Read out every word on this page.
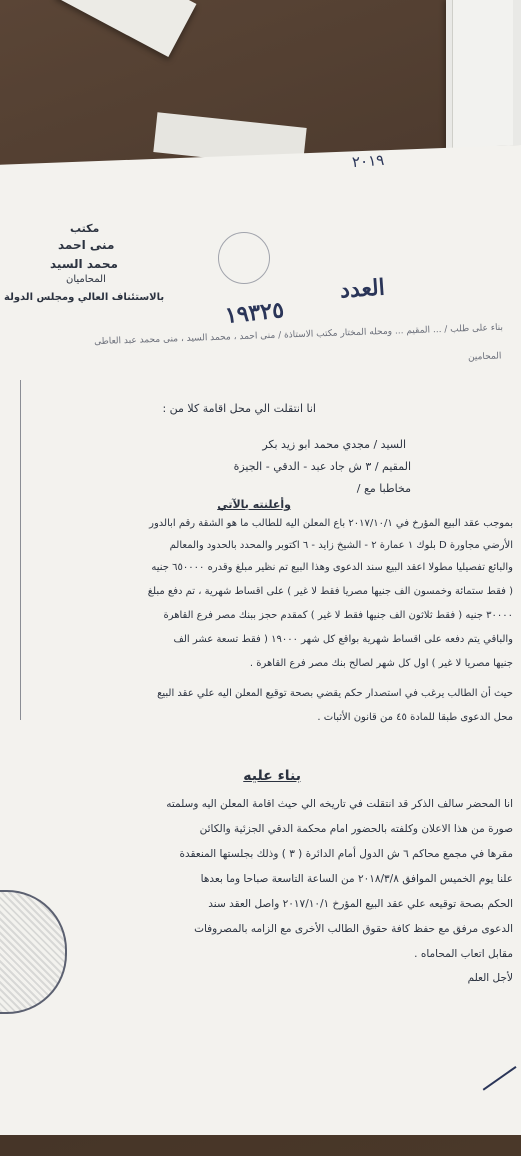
٢٠١٩
١٩٣٢٥
العدد
مكتب
منى احمد
محمد السيد
المحاميان
بالاستئناف العالي ومجلس الدولة
بناء على طلب / ... المقيم ... ومحله المختار مكتب الاستاذة / منى احمد ، محمد السيد ، منى محمد عبد العاطى
المحامين
انا انتقلت الي محل اقامة كلا من :
السيد / مجدي محمد ابو زيد بكر
المقيم / ٣ ش جاد عبد - الدقي - الجيزة
مخاطبا مع /
وأعلنته بالآتي
بموجب عقد البيع المؤرخ في ٢٠١٧/١٠/١ باع المعلن اليه للطالب ما هو الشقة رقم ابالدور
الأرضي مجاورة D بلوك ١ عمارة ٢ - الشيخ زايد - ٦ اكتوبر والمحدد بالحدود والمعالم
والبائع تفصيليا مطولا اعقد البيع سند الدعوى وهذا البيع تم نظير مبلغ وقدره ٦٥٠٠٠٠ جنيه
( فقط ستمائة وخمسون الف جنيها مصريا فقط لا غير ) على اقساط شهرية ، تم دفع مبلغ
٣٠٠٠٠ جنيه ( فقط ثلاثون الف جنيها فقط لا غير ) كمقدم حجز ببنك مصر فرع القاهرة
والباقي يتم دفعه على اقساط شهرية بواقع كل شهر ١٩٠٠٠ ( فقط تسعة عشر الف
جنيها مصريا لا غير ) اول كل شهر لصالح بنك مصر فرع القاهرة .
حيث أن الطالب يرغب في استصدار حكم يقضي بصحة توقيع المعلن اليه علي عقد البيع
محل الدعوى طبقا للمادة ٤٥ من قانون الأثبات .
بناء عليه
انا المحضر سالف الذكر قد انتقلت في تاريخه الي حيث اقامة المعلن اليه وسلمته
صورة من هذا الاعلان وكلفته بالحضور امام محكمة الدقي الجزئية والكائن
مقرها في مجمع محاكم ٦ ش الدول أمام الدائرة ( ٣ ) وذلك بجلستها المنعقدة
علنا يوم الخميس الموافق ٢٠١٨/٣/٨ من الساعة التاسعة صباحا وما بعدها
الحكم بصحة توقيعه علي عقد البيع المؤرخ ٢٠١٧/١٠/١ واصل العقد سند
الدعوى مرفق مع حفظ كافة حقوق الطالب الأخرى مع الزامه بالمصروفات
مقابل اتعاب المحاماه .
لأجل العلم
